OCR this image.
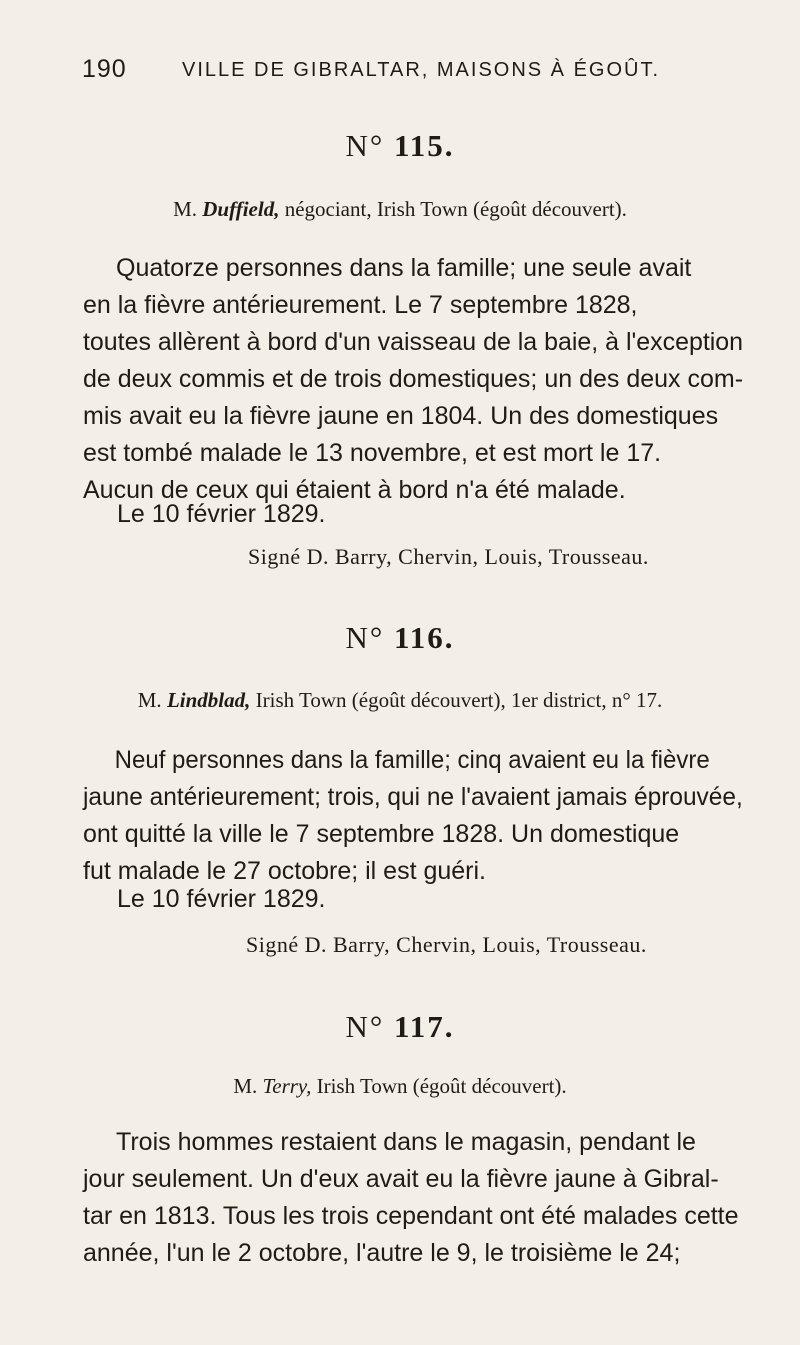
190	VILLE DE GIBRALTAR, MAISONS À ÉGOÛT.
N° 115.
M. Duffield, négociant, Irish Town (égoût découvert).
Quatorze personnes dans la famille; une seule avait
en la fièvre antérieurement. Le 7 septembre 1828,
toutes allèrent à bord d'un vaisseau de la baie, à l'exception
de deux commis et de trois domestiques; un des deux com-
mis avait eu la fièvre jaune en 1804. Un des domestiques
est tombé malade le 13 novembre, et est mort le 17.
Aucun de ceux qui étaient à bord n'a été malade.
Le 10 février 1829.
Signé D. Barry, Chervin, Louis, Trousseau.
N° 116.
M. Lindblad, Irish Town (égoût découvert), 1er district, n° 17.
Neuf personnes dans la famille; cinq avaient eu la fièvre
jaune antérieurement; trois, qui ne l'avaient jamais éprouvée,
ont quitté la ville le 7 septembre 1828. Un domestique
fut malade le 27 octobre; il est guéri.
Le 10 février 1829.
Signé D. Barry, Chervin, Louis, Trousseau.
N° 117.
M. Terry, Irish Town (égoût découvert).
Trois hommes restaient dans le magasin, pendant le
jour seulement. Un d'eux avait eu la fièvre jaune à Gibral-
tar en 1813. Tous les trois cependant ont été malades cette
année, l'un le 2 octobre, l'autre le 9, le troisième le 24;
